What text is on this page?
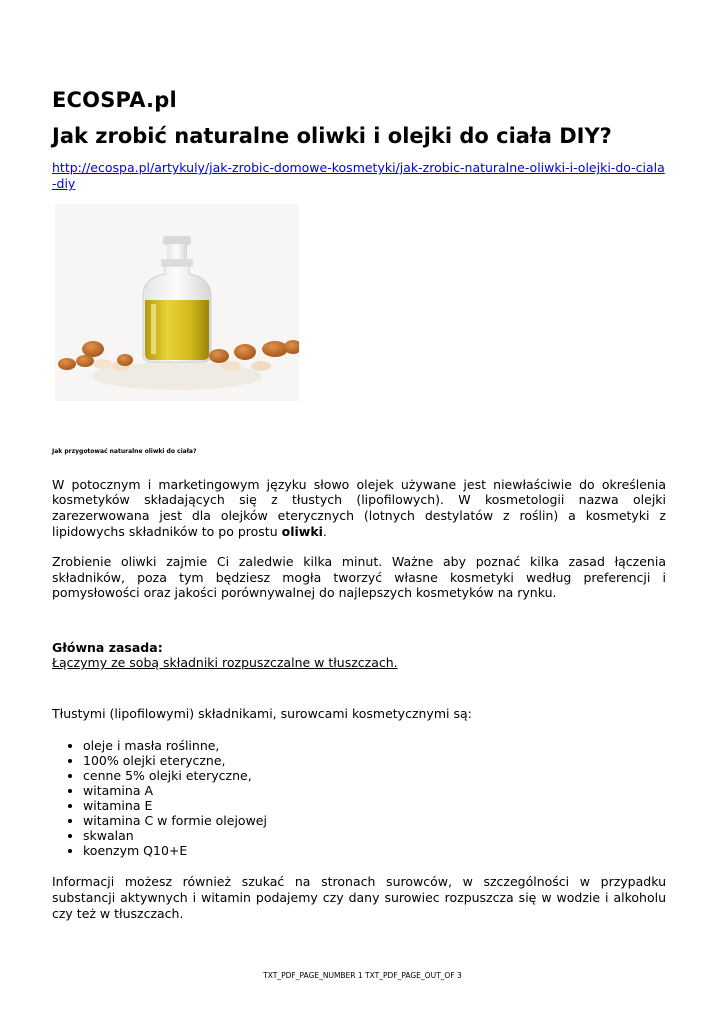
ECOSPA.pl
Jak zrobić naturalne oliwki i olejki do ciała DIY?
http://ecospa.pl/artykuly/jak-zrobic-domowe-kosmetyki/jak-zrobic-naturalne-oliwki-i-olejki-do-ciala-diy
Jak przygotować naturalne oliwki do ciała?

W potocznym i marketingowym języku słowo olejek używane jest niewłaściwie do określenia kosmetyków składających się z tłustych (lipofilowych). W kosmetologii nazwa olejki zarezerwowana jest dla olejków eterycznych (lotnych destylatów z roślin) a kosmetyki z lipidowychs składników to po prostu oliwki.

Zrobienie oliwki zajmie Ci zaledwie kilka minut. Ważne aby poznać kilka zasad łączenia składników, poza tym będziesz mogła tworzyć własne kosmetyki według preferencji i pomysłowości oraz jakości porównywalnej do najlepszych kosmetyków na rynku.

Główna zasada:
Łączymy ze sobą składniki rozpuszczalne w tłuszczach.

Tłustymi (lipofilowymi) składnikami, surowcami kosmetycznymi są:

• oleje i masła roślinne,
• 100% olejki eteryczne,
• cenne 5% olejki eteryczne,
• witamina A
• witamina E
• witamina C w formie olejowej
• skwalan
• koenzym Q10+E

Informacji możesz również szukać na stronach surowców, w szczególności w przypadku substancji aktywnych i witamin podajemy czy dany surowiec rozpuszcza się w wodzie i alkoholu czy też w tłuszczach.

TXT_PDF_PAGE_NUMBER 1 TXT_PDF_PAGE_OUT_OF 3
